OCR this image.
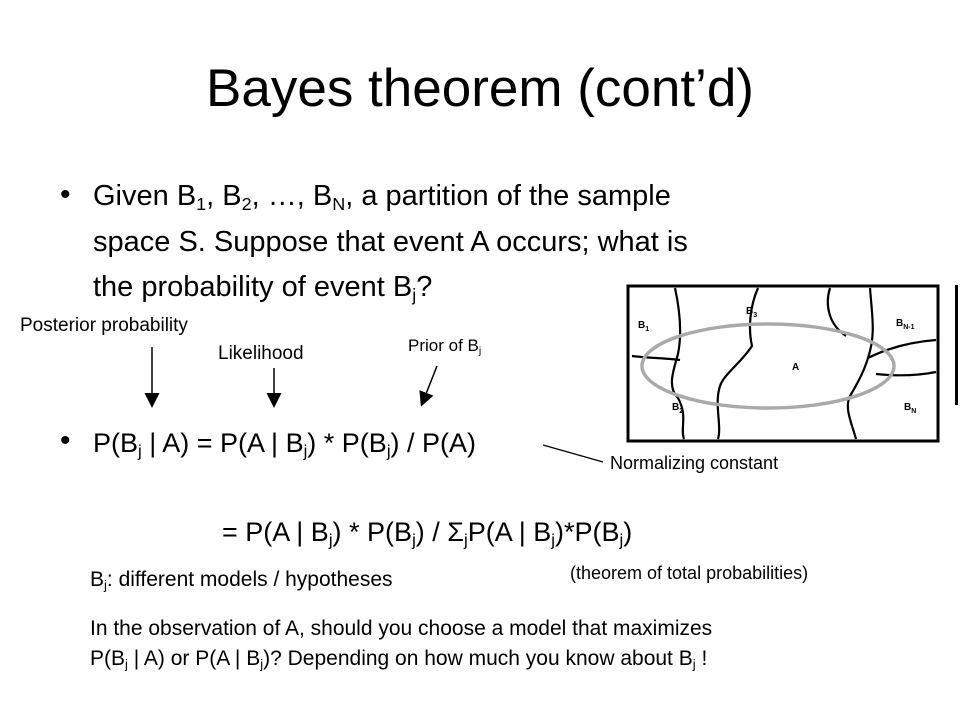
Bayes theorem (cont’d)
• Given $B_1$, $B_2$, …, $B_N$, a partition of the sample
space S. Suppose that event A occurs; what is
the probability of event $B_j$?
Posterior probability
Likelihood	Prior of $B_j$
Normalizing constant
• $P(B_j$ | A) = P(A | $B_j) * P(B_j) / P(A)$
= P(A | $B_j) * P(B_j) / \Sigma_jP(A$ | $B_j)*P(B_j)$
(theorem of total probabilities)
$B_j$: different models / hypotheses
In the observation of A, should you choose a model that maximizes
$P(B_j$ | A) or P(A | $B_j$)? Depending on how much you know about $B_j$ !
$B_1$
$B_2$
$B_3$
$B_{N-1}$
$B_N$
A
